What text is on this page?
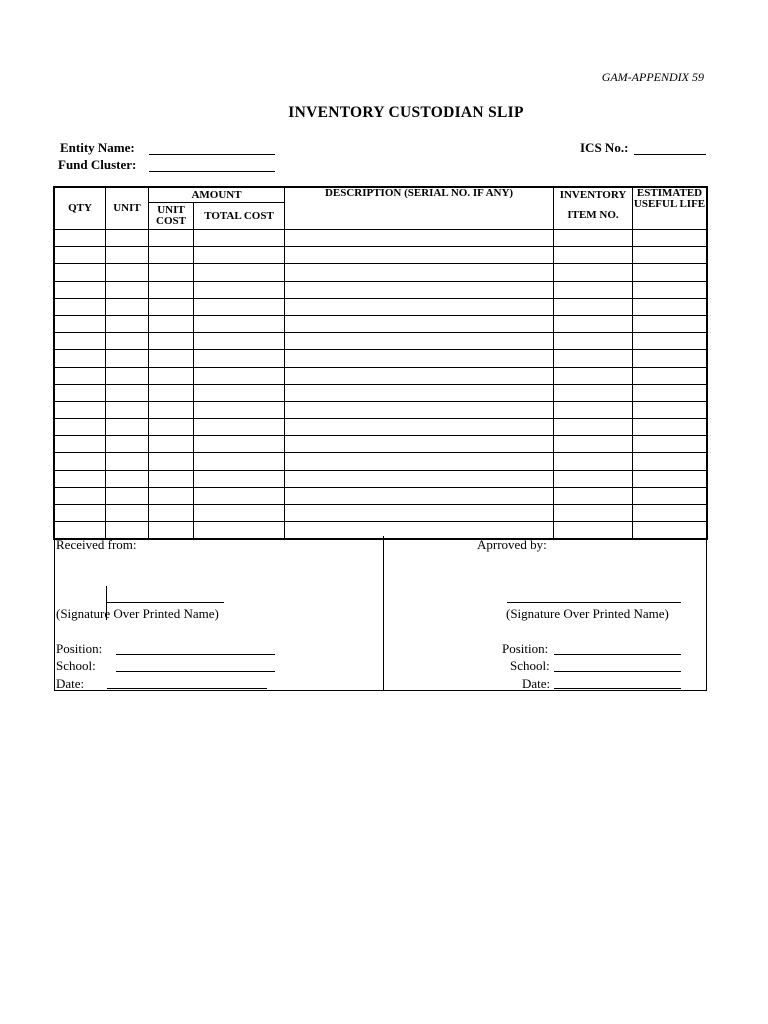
GAM-APPENDIX 59
INVENTORY CUSTODIAN SLIP
Entity Name:
Fund Cluster:
ICS No.:
QTY	UNIT	AMOUNT		DESCRIPTION (SERIAL NO. IF ANY)	INVENTORY	ESTIMATED USEFUL LIFE
		UNIT COST	TOTAL COST		ITEM NO.	

Received from:
(Signature Over Printed Name)
Position:
School:
Date:
Aprroved by:
(Signature Over Printed Name)
Position:
School:
Date:
